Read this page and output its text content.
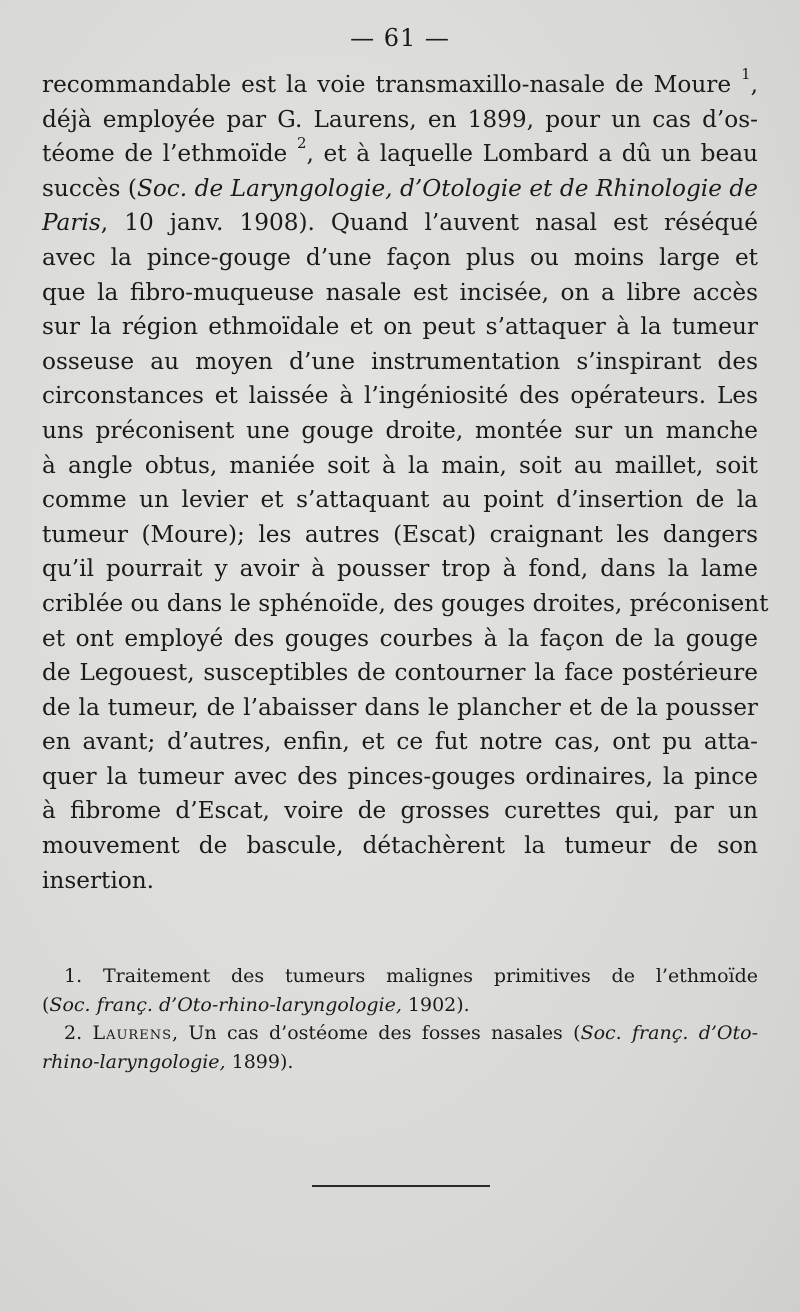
— 61 —
recommandable est la voie transmaxillo-nasale de Moure $^1$,
déjà employée par G. Laurens, en 1899, pour un cas d’os-
téome de l’ethmoïde $^2$, et à laquelle Lombard a dû un beau
succès (Soc. de Laryngologie, d’Otologie et de Rhinologie de
Paris, 10 janv. 1908). Quand l’auvent nasal est réséqué
avec la pince-gouge d’une façon plus ou moins large et
que la fibro-muqueuse nasale est incisée, on a libre accès
sur la région ethmoïdale et on peut s’attaquer à la tumeur
osseuse au moyen d’une instrumentation s’inspirant des
circonstances et laissée à l’ingéniosité des opérateurs. Les
uns préconisent une gouge droite, montée sur un manche
à angle obtus, maniée soit à la main, soit au maillet, soit
comme un levier et s’attaquant au point d’insertion de la
tumeur (Moure); les autres (Escat) craignant les dangers
qu’il pourrait y avoir à pousser trop à fond, dans la lame
criblée ou dans le sphénoïde, des gouges droites, préconisent
et ont employé des gouges courbes à la façon de la gouge
de Legouest, susceptibles de contourner la face postérieure
de la tumeur, de l’abaisser dans le plancher et de la pousser
en avant; d’autres, enfin, et ce fut notre cas, ont pu atta-
quer la tumeur avec des pinces-gouges ordinaires, la pince
à fibrome d’Escat, voire de grosses curettes qui, par un
mouvement de bascule, détachèrent la tumeur de son
insertion.
1. Traitement des tumeurs malignes primitives de l’ethmoïde
(Soc. franç. d’Oto-rhino-laryngologie, 1902).
2. Laurens, Un cas d’ostéome des fosses nasales (Soc. franç. d’Oto-
rhino-laryngologie, 1899).
